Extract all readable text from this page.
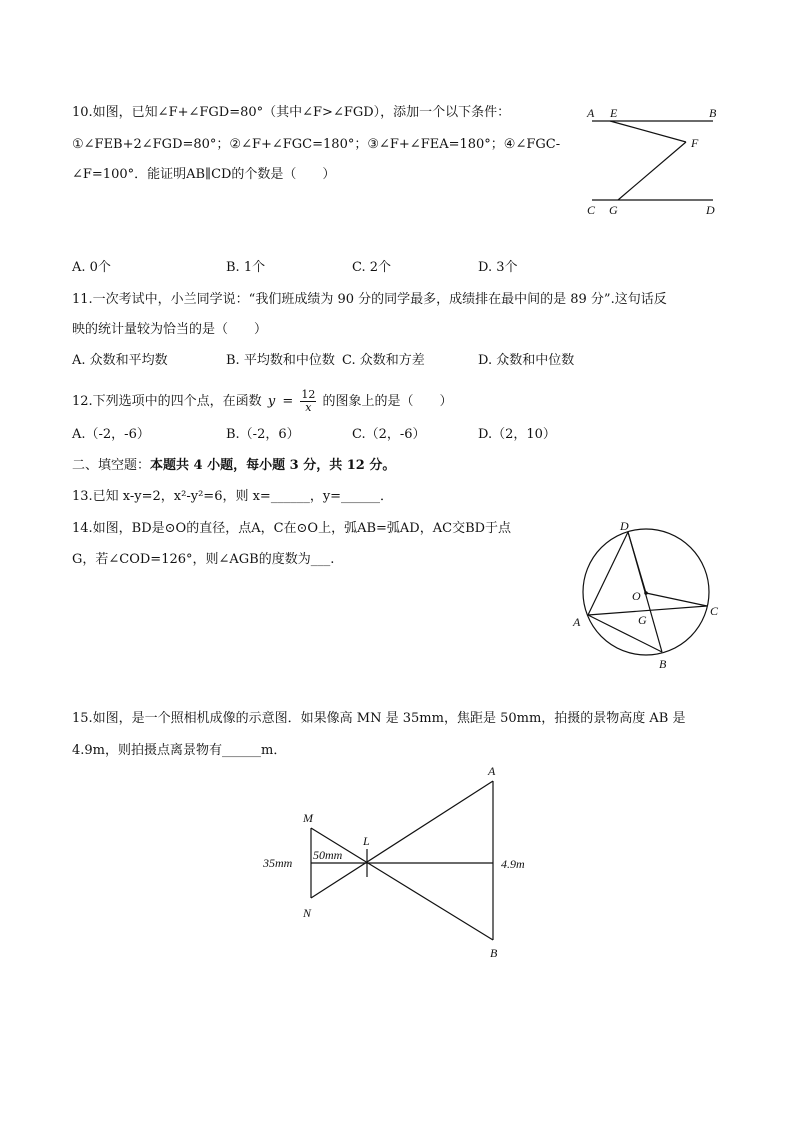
10.如图，已知∠F+∠FGD=80°（其中∠F>∠FGD），添加一个以下条件：
①∠FEB+2∠FGD=80°；②∠F+∠FGC=180°；③∠F+∠FEA=180°；④∠FGC-
∠F=100°．能证明AB∥CD的个数是（　　）
A E	B
F
C G	D
A. 0个	B. 1个	C. 2个	D. 3个
11.一次考试中，小兰同学说：“我们班成绩为 90 分的同学最多，成绩排在最中间的是 89 分”.这句话反
映的统计量较为恰当的是（　　）
A. 众数和平均数	B. 平均数和中位数 C. 众数和方差	D. 众数和中位数
12.下列选项中的四个点，在函数 $y = \frac{12}{x}$ 的图象上的是（　　）
A.（-2，-6）	B.（-2，6）	C.（2，-6）	D.（2，10）
二、填空题：本题共 4 小题，每小题 3 分，共 12 分。
13.已知 x-y=2，x²-y²=6，则 x=______，y=______．
14.如图，BD是⊙O的直径，点A，C在⊙O上，弧AB=弧AD，AC交BD于点
G，若∠COD=126°，则∠AGB的度数为___.
D
O
C
A	G
B
15.如图，是一个照相机成像的示意图．如果像高 MN 是 35mm，焦距是 50mm，拍摄的景物高度 AB 是
4.9m，则拍摄点离景物有______m．
M
N
L
A
B
35mm
50mm
4.9m
